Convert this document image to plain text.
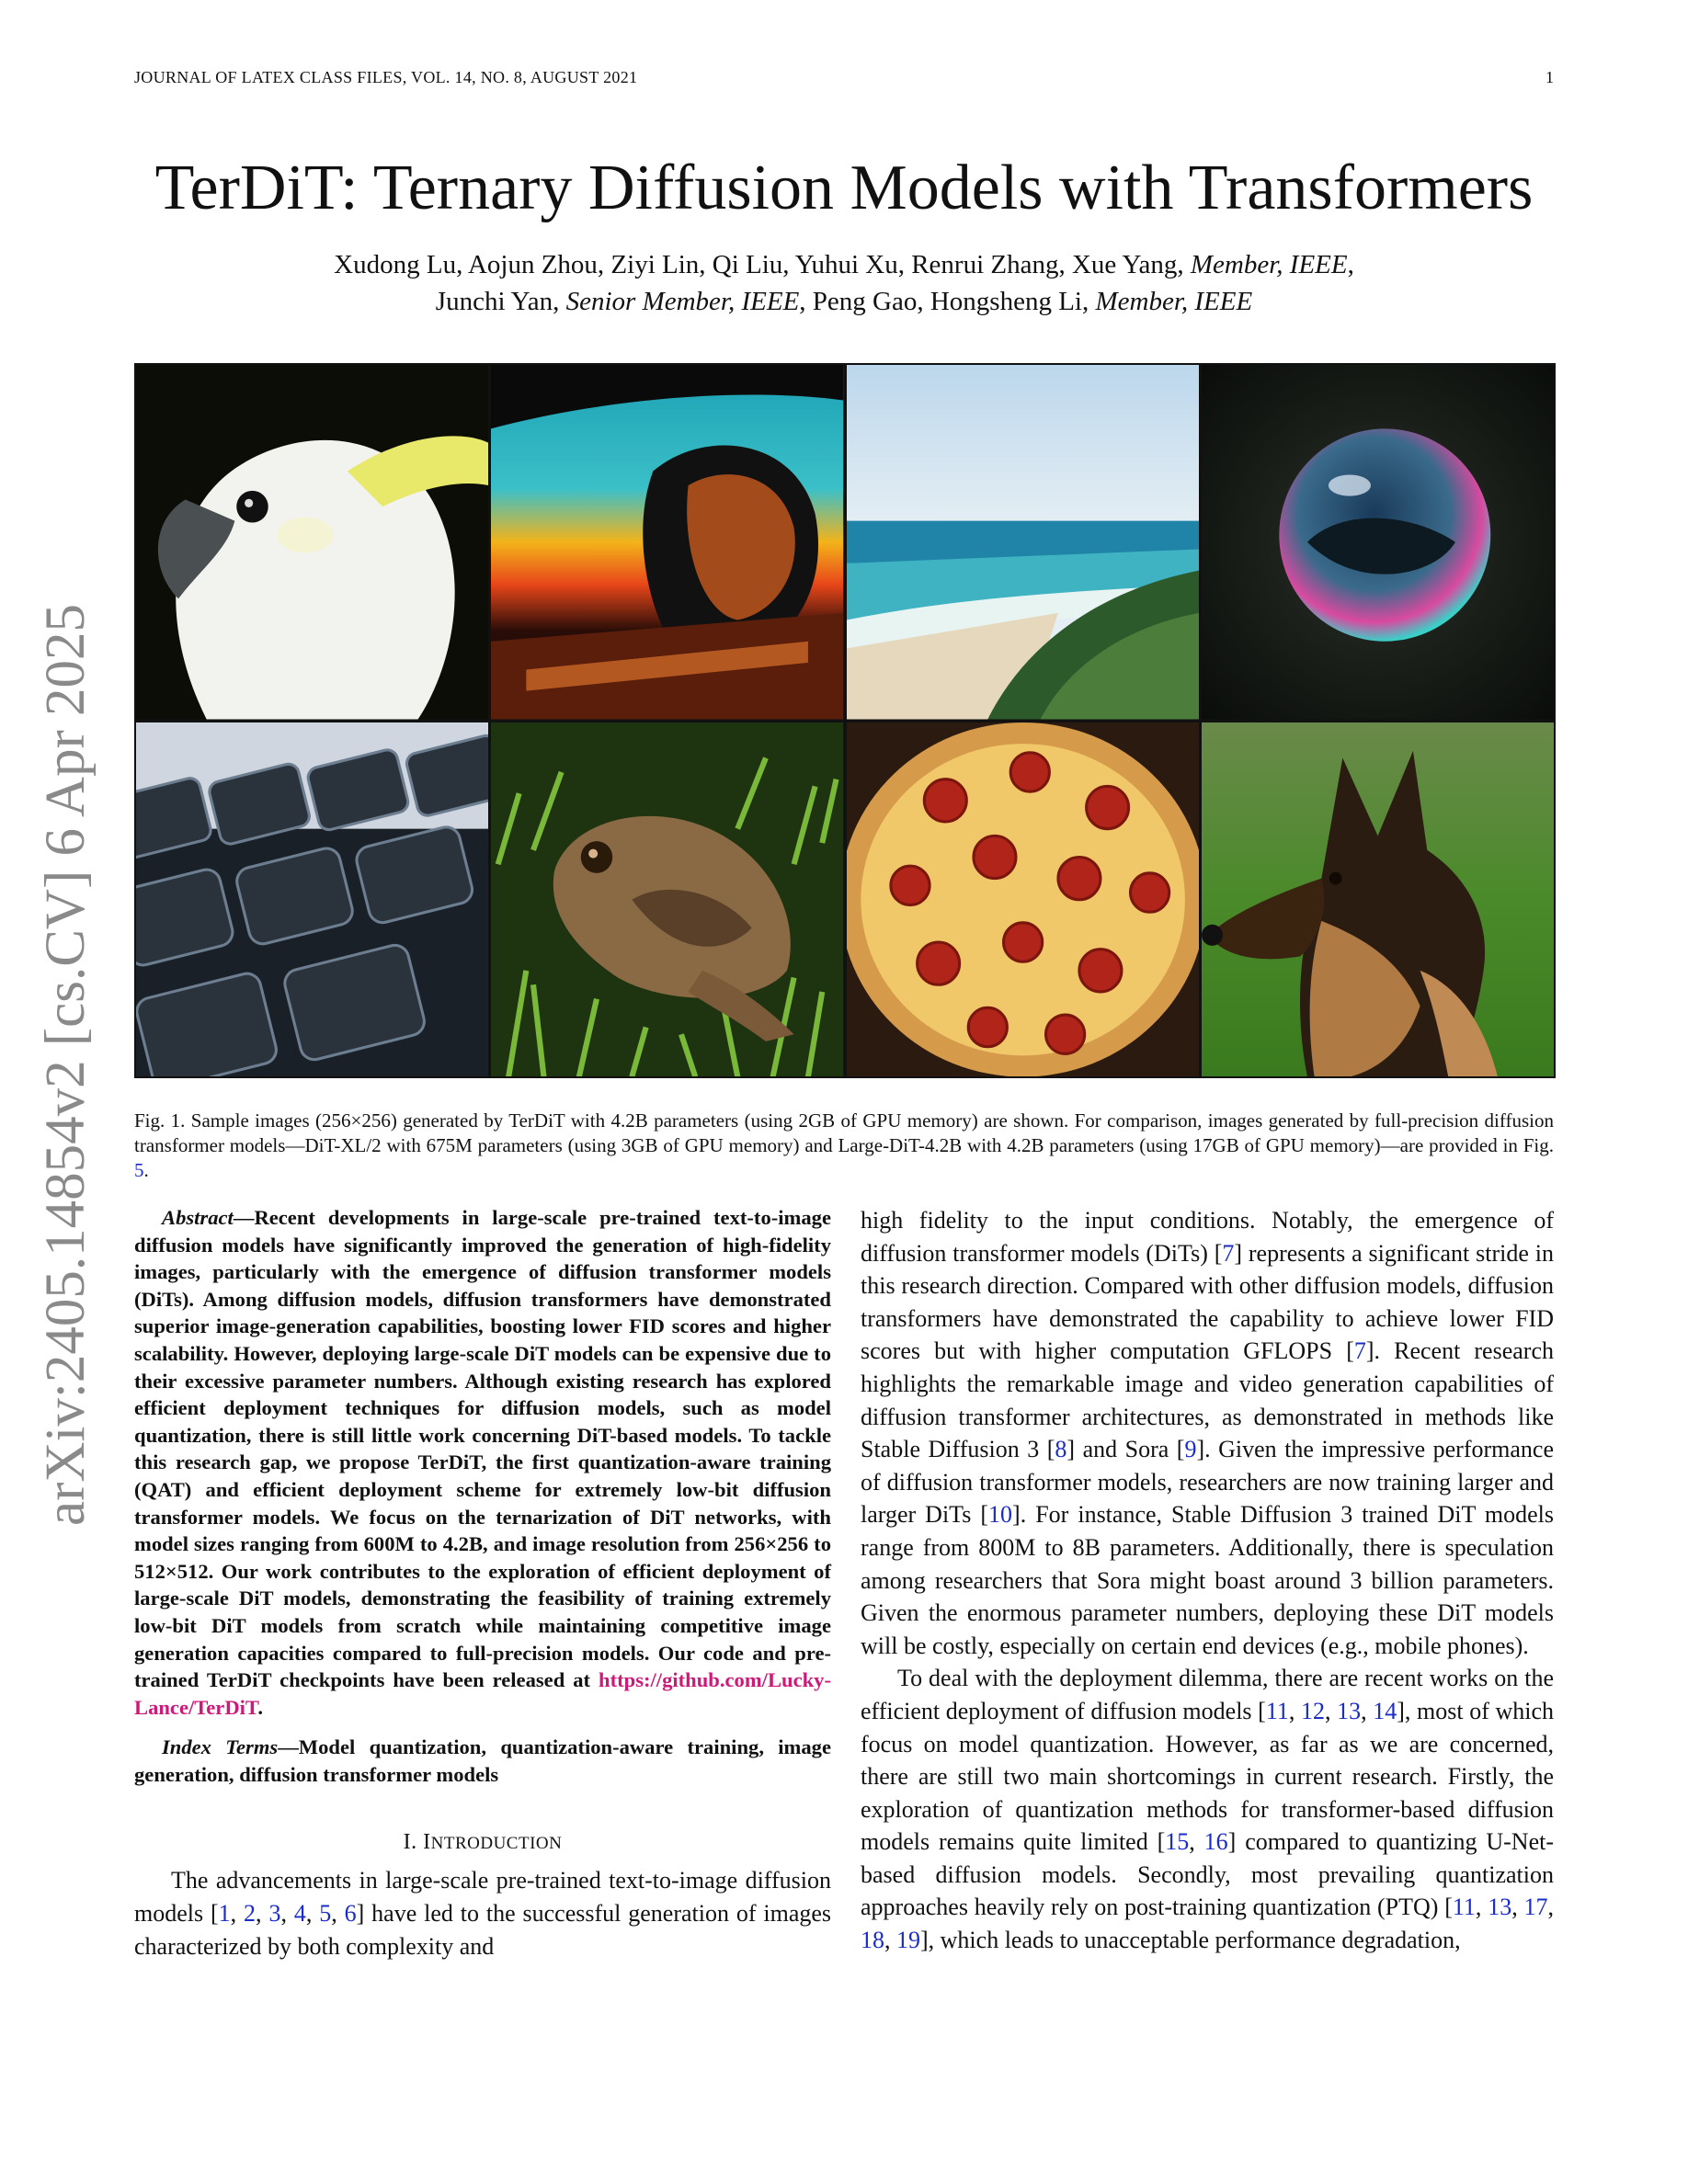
JOURNAL OF LATEX CLASS FILES, VOL. 14, NO. 8, AUGUST 2021	1
arXiv:2405.14854v2 [cs.CV] 6 Apr 2025
TerDiT: Ternary Diffusion Models with Transformers
Xudong Lu, Aojun Zhou, Ziyi Lin, Qi Liu, Yuhui Xu, Renrui Zhang, Xue Yang, Member, IEEE,
Junchi Yan, Senior Member, IEEE, Peng Gao, Hongsheng Li, Member, IEEE
Fig. 1. Sample images (256×256) generated by TerDiT with 4.2B parameters (using 2GB of GPU memory) are shown. For comparison, images generated by full-precision diffusion transformer models—DiT-XL/2 with 675M parameters (using 3GB of GPU memory) and Large-DiT-4.2B with 4.2B parameters (using 17GB of GPU memory)—are provided in Fig. 5.

Abstract—Recent developments in large-scale pre-trained text-to-image diffusion models have significantly improved the generation of high-fidelity images, particularly with the emergence of diffusion transformer models (DiTs). Among diffusion models, diffusion transformers have demonstrated superior image-generation capabilities, boosting lower FID scores and higher scalability. However, deploying large-scale DiT models can be expensive due to their excessive parameter numbers. Although existing research has explored efficient deployment techniques for diffusion models, such as model quantization, there is still little work concerning DiT-based models. To tackle this research gap, we propose TerDiT, the first quantization-aware training (QAT) and efficient deployment scheme for extremely low-bit diffusion transformer models. We focus on the ternarization of DiT networks, with model sizes ranging from 600M to 4.2B, and image resolution from 256×256 to 512×512. Our work contributes to the exploration of efficient deployment of large-scale DiT models, demonstrating the feasibility of training extremely low-bit DiT models from scratch while maintaining competitive image generation capacities compared to full-precision models. Our code and pre-trained TerDiT checkpoints have been released at https://github.com/Lucky-Lance/TerDiT.

Index Terms—Model quantization, quantization-aware training, image generation, diffusion transformer models

I. INTRODUCTION

The advancements in large-scale pre-trained text-to-image diffusion models [1, 2, 3, 4, 5, 6] have led to the successful generation of images characterized by both complexity and

high fidelity to the input conditions. Notably, the emergence of diffusion transformer models (DiTs) [7] represents a significant stride in this research direction. Compared with other diffusion models, diffusion transformers have demonstrated the capability to achieve lower FID scores but with higher computation GFLOPS [7]. Recent research highlights the remarkable image and video generation capabilities of diffusion transformer architectures, as demonstrated in methods like Stable Diffusion 3 [8] and Sora [9]. Given the impressive performance of diffusion transformer models, researchers are now training larger and larger DiTs [10]. For instance, Stable Diffusion 3 trained DiT models range from 800M to 8B parameters. Additionally, there is speculation among researchers that Sora might boast around 3 billion parameters. Given the enormous parameter numbers, deploying these DiT models will be costly, especially on certain end devices (e.g., mobile phones).

To deal with the deployment dilemma, there are recent works on the efficient deployment of diffusion models [11, 12, 13, 14], most of which focus on model quantization. However, as far as we are concerned, there are still two main shortcomings in current research. Firstly, the exploration of quantization methods for transformer-based diffusion models remains quite limited [15, 16] compared to quantizing U-Net-based diffusion models. Secondly, most prevailing quantization approaches heavily rely on post-training quantization (PTQ) [11, 13, 17, 18, 19], which leads to unacceptable performance degradation,
